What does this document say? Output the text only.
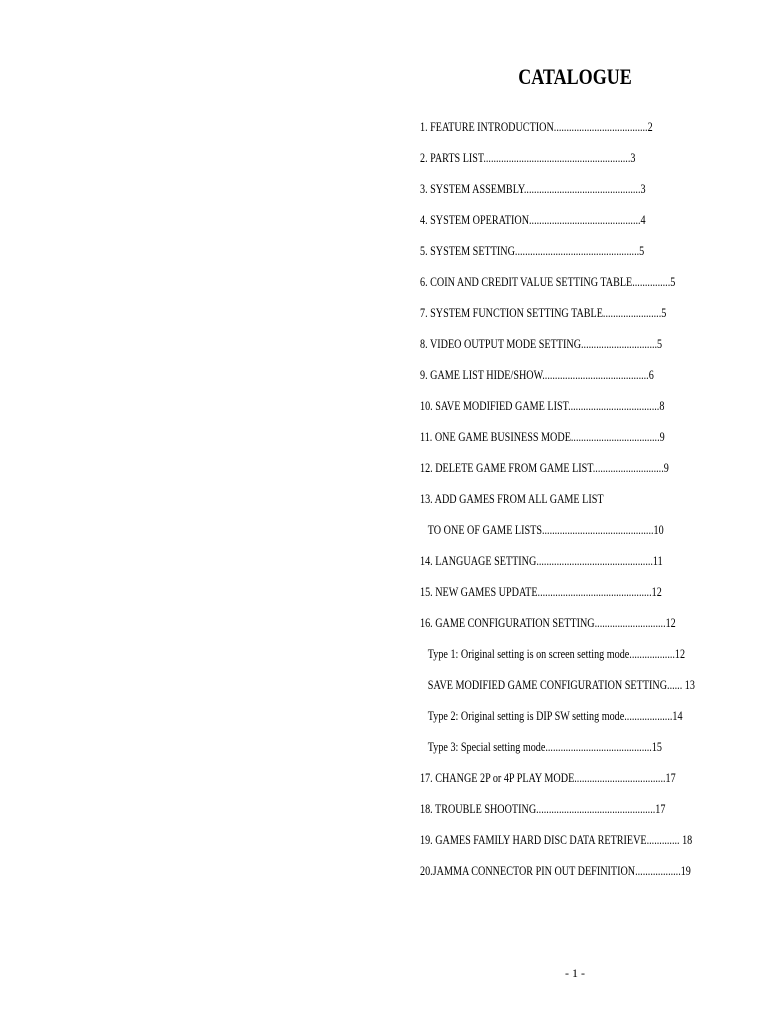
CATALOGUE
1. FEATURE INTRODUCTION.....................................2
2. PARTS LIST..........................................................3
3. SYSTEM ASSEMBLY..............................................3
4. SYSTEM OPERATION............................................4
5. SYSTEM SETTING.................................................5
6. COIN AND CREDIT VALUE SETTING TABLE...............5
7. SYSTEM FUNCTION SETTING TABLE.......................5
8. VIDEO OUTPUT MODE SETTING..............................5
9. GAME LIST HIDE/SHOW..........................................6
10. SAVE MODIFIED GAME LIST....................................8
11. ONE GAME BUSINESS MODE...................................9
12. DELETE GAME FROM GAME LIST............................9
13. ADD GAMES FROM ALL GAME LIST
TO ONE OF GAME LISTS............................................10
14. LANGUAGE SETTING..............................................11
15. NEW GAMES UPDATE.............................................12
16. GAME CONFIGURATION SETTING............................12
Type 1: Original setting is on screen setting mode..................12
SAVE MODIFIED GAME CONFIGURATION SETTING...... 13
Type 2: Original setting is DIP SW setting mode...................14
Type 3: Special setting mode..........................................15
17. CHANGE 2P or 4P PLAY MODE....................................17
18. TROUBLE SHOOTING...............................................17
19. GAMES FAMILY HARD DISC DATA RETRIEVE............. 18
20.JAMMA CONNECTOR PIN OUT DEFINITION..................19
- 1 -
